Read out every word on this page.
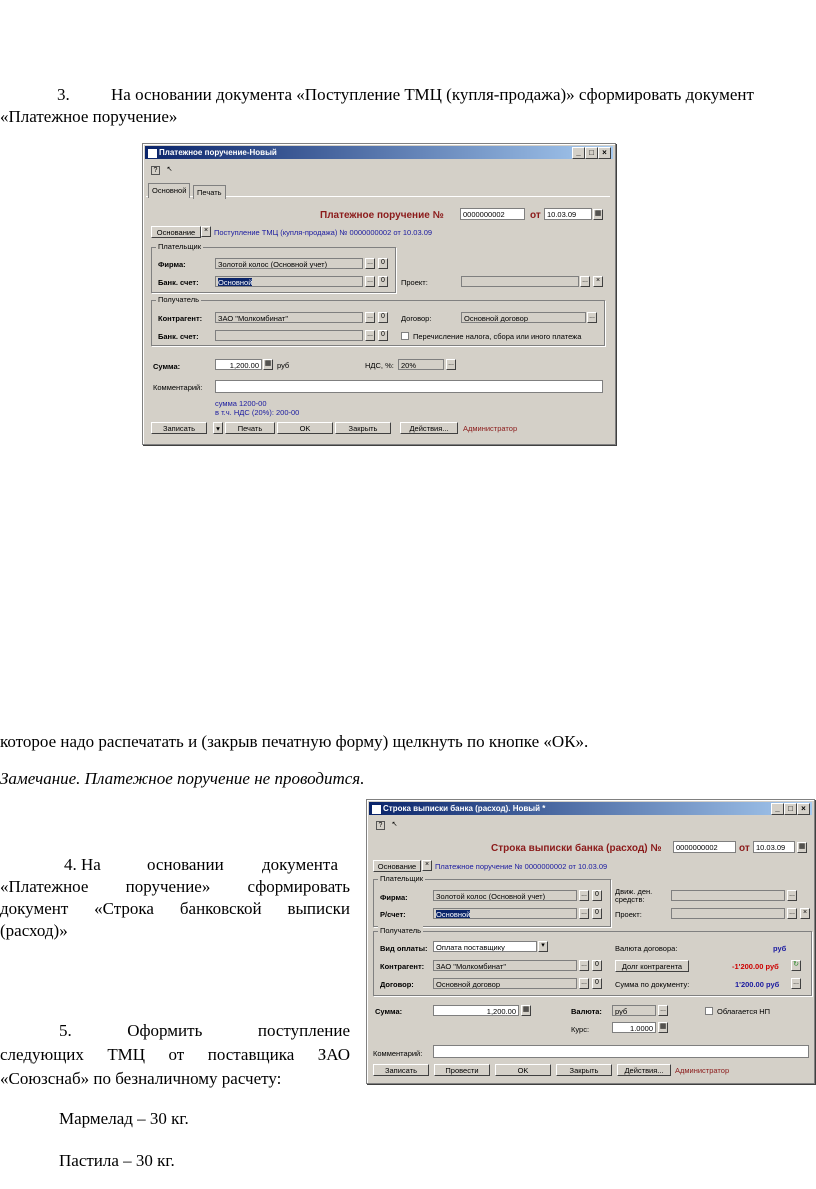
3. На основании документа «Поступление ТМЦ (купля-продажа)» сформировать документ
«Платежное поручение»
Платежное поручение-Новый	_	□	×
?	↖
Основной	Печать
Платежное поручение №	0000000002	от 10.03.09	▦
Основание	× Поступление ТМЦ (купля-продажа) № 0000000002 от 10.03.09
Плательщик
Фирма:	Золотой колос (Основной учет)	...	0
Банк. счет:	Основной	...	0	Проект:	...	×
Получатель
Контрагент:	ЗАО "Молкомбинат"	...	0	Договор:	Основной договор	...
Банк. счет:	...	0	Перечисление налога, сбора или иного платежа
Сумма:	1,200.00 ▦ руб	НДС, %: 20%	...
Комментарий:
сумма 1200-00
в т.ч. НДС (20%): 200-00
Записать	▾	Печать	OK	Закрыть	Действия...	Администратор
которое надо распечатать и (закрыв печатную форму) щелкнуть по кнопке «ОК».
Замечание. Платежное поручение не проводится.
4. На	основании документа
«Платежное поручение» сформировать
документ «Строка банковской выписки
(расход)»
5. Оформить поступление
следующих ТМЦ от поставщика ЗАО
«Союзснаб» по безналичному расчету:
Мармелад – 30 кг.
Пастила – 30 кг.
Строка выписки банка (расход). Новый *	_	□	×
?	↖
Строка выписки банка (расход) №	0000000002	от 10.03.09	▦
Основание	× Платежное поручение № 0000000002 от 10.03.09
Плательщик
Фирма:	Золотой колос (Основной учет)	...	0
Р/счет:	Основной	...	0
Движ. ден.
средств:
...
Проект:	...	×
Получатель
Вид оплаты:	Оплата поставщику	▾	Валюта договора:	руб
Контрагент:	ЗАО "Молкомбинат"	...	0	Долг контрагента	-1'200.00 руб ↻
Договор:	Основной договор	...	0	Сумма по документу:	1'200.00 руб ...
Сумма:	1,200.00 ▦	Валюта:	руб	...	Облагается НП
Курс:	1.0000 ▦
Комментарий:
Записать	Провести	OK	Закрыть	Действия...	Администратор
